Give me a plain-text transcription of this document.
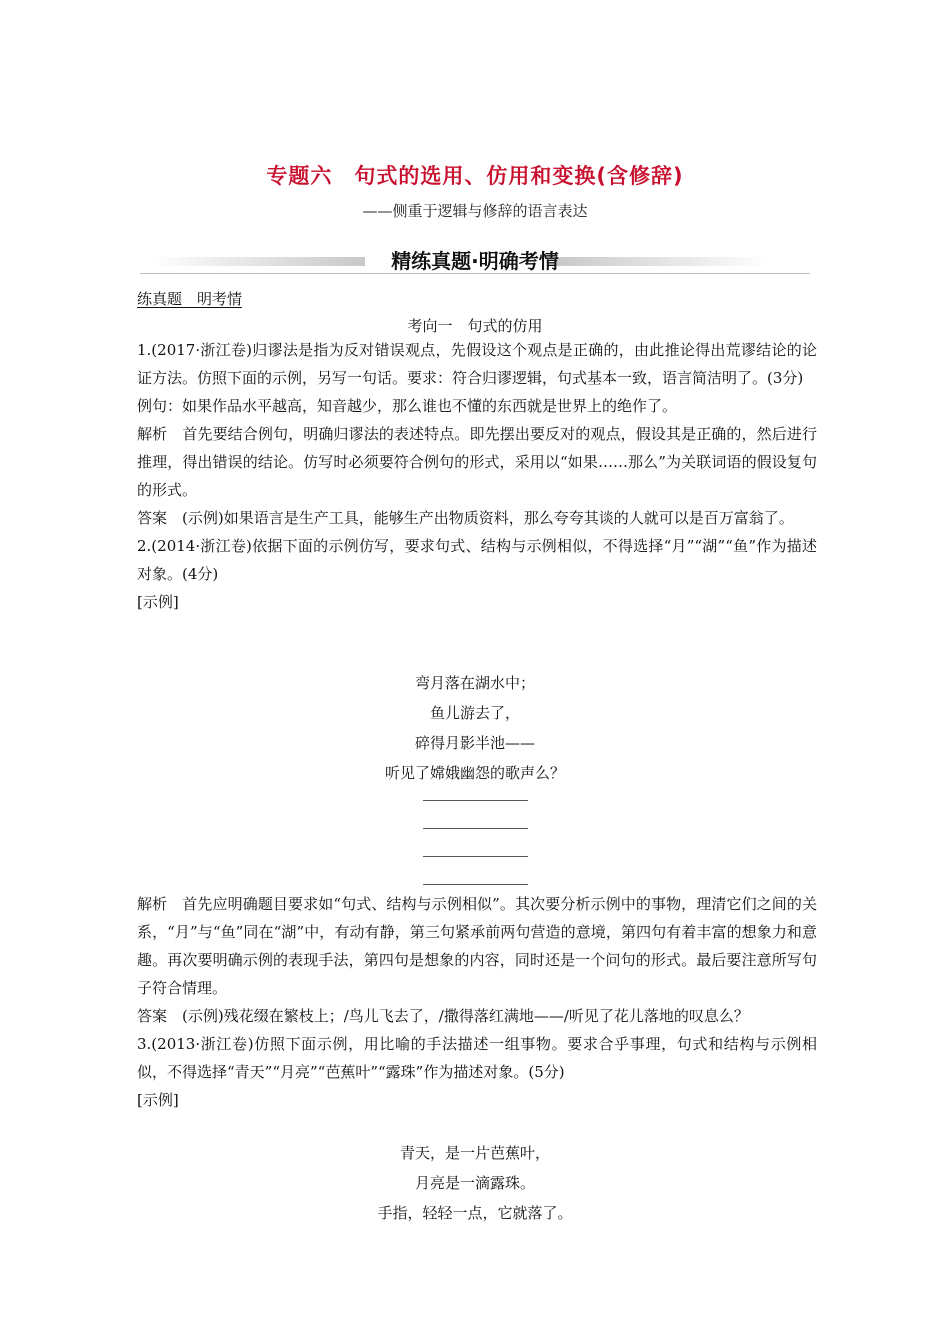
专题六　句式的选用、仿用和变换(含修辞)
——侧重于逻辑与修辞的语言表达
精练真题·明确考情
练真题　明考情
考向一　句式的仿用

1.(2017·浙江卷)归谬法是指为反对错误观点，先假设这个观点是正确的，由此推论得出荒谬结论的论证方法。仿照下面的示例，另写一句话。要求：符合归谬逻辑，句式基本一致，语言简洁明了。(3分)

例句：如果作品水平越高，知音越少，那么谁也不懂的东西就是世界上的绝作了。

解析　首先要结合例句，明确归谬法的表述特点。即先摆出要反对的观点，假设其是正确的，然后进行推理，得出错误的结论。仿写时必须要符合例句的形式，采用以“如果……那么”为关联词语的假设复句的形式。

答案　(示例)如果语言是生产工具，能够生产出物质资料，那么夸夸其谈的人就可以是百万富翁了。

2.(2014·浙江卷)依据下面的示例仿写，要求句式、结构与示例相似，不得选择“月”“湖”“鱼”作为描述对象。(4分)

[示例]

弯月落在湖水中；
鱼儿游去了，
碎得月影半池——
听见了嫦娥幽怨的歌声么？

解析　首先应明确题目要求如“句式、结构与示例相似”。其次要分析示例中的事物，理清它们之间的关系，“月”与“鱼”同在“湖”中，有动有静，第三句紧承前两句营造的意境，第四句有着丰富的想象力和意趣。再次要明确示例的表现手法，第四句是想象的内容，同时还是一个问句的形式。最后要注意所写句子符合情理。

答案　(示例)残花缀在繁枝上；/鸟儿飞去了，/撒得落红满地——/听见了花儿落地的叹息么？

3.(2013·浙江卷)仿照下面示例，用比喻的手法描述一组事物。要求合乎事理，句式和结构与示例相似，不得选择“青天”“月亮”“芭蕉叶”“露珠”作为描述对象。(5分)

[示例]

青天，是一片芭蕉叶，
月亮是一滴露珠。
手指，轻轻一点，它就落了。
